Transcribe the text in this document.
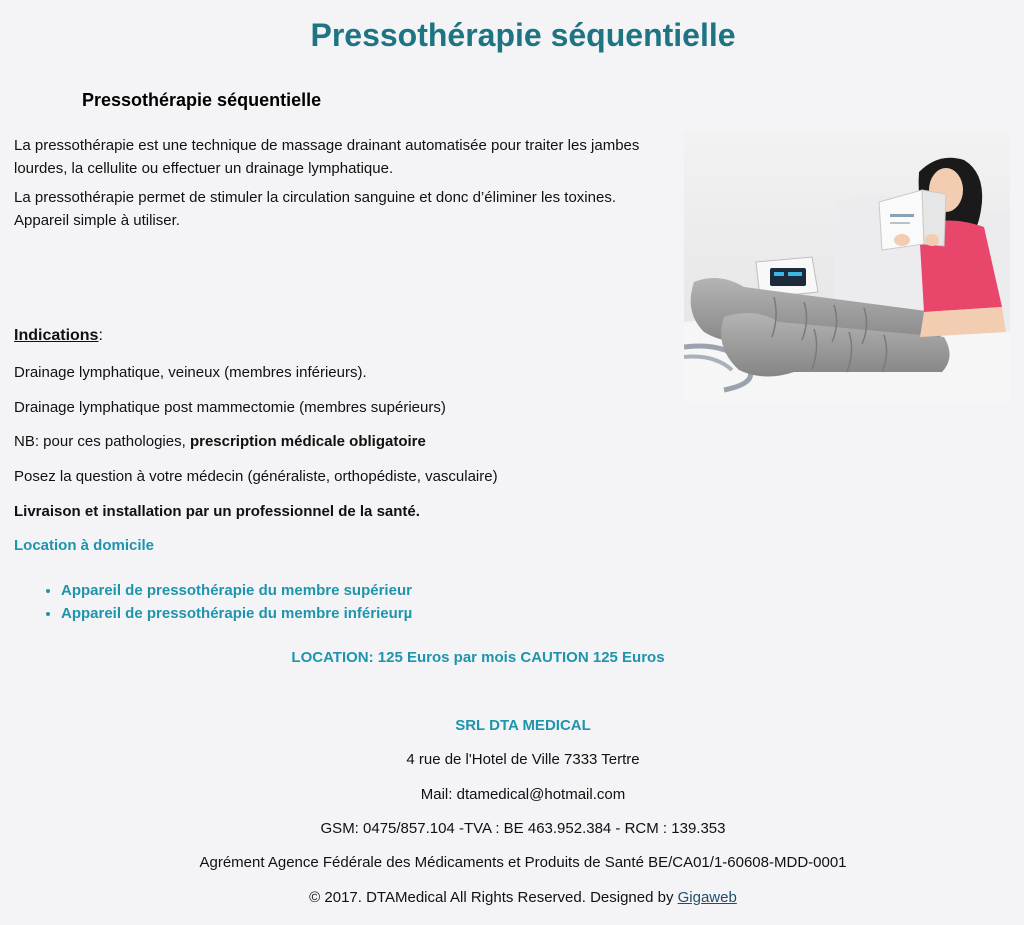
Pressothérapie séquentielle
Pressothérapie séquentielle

La pressothérapie est une technique de massage drainant automatisée pour traiter les jambes lourdes, la cellulite ou effectuer un drainage lymphatique.

La pressothérapie permet de stimuler la circulation sanguine et donc d’éliminer les toxines. Appareil simple à utiliser.

Indications:
Drainage lymphatique, veineux (membres inférieurs).
Drainage lymphatique post mammectomie (membres supérieurs)
NB: pour ces pathologies, prescription médicale obligatoire
Posez la question à votre médecin (généraliste, orthopédiste, vasculaire)
Livraison et installation par un professionnel de la santé.
Location à domicile
• Appareil de pressothérapie du membre supérieur
• Appareil de pressothérapie du membre inférieurµ
LOCATION: 125 Euros par mois CAUTION 125 Euros
SRL DTA MEDICAL
4 rue de l'Hotel de Ville 7333 Tertre
Mail: dtamedical@hotmail.com
GSM: 0475/857.104 -TVA : BE 463.952.384 - RCM : 139.353
Agrément Agence Fédérale des Médicaments et Produits de Santé BE/CA01/1-60608-MDD-0001
© 2017. DTAMedical All Rights Reserved. Designed by Gigaweb
